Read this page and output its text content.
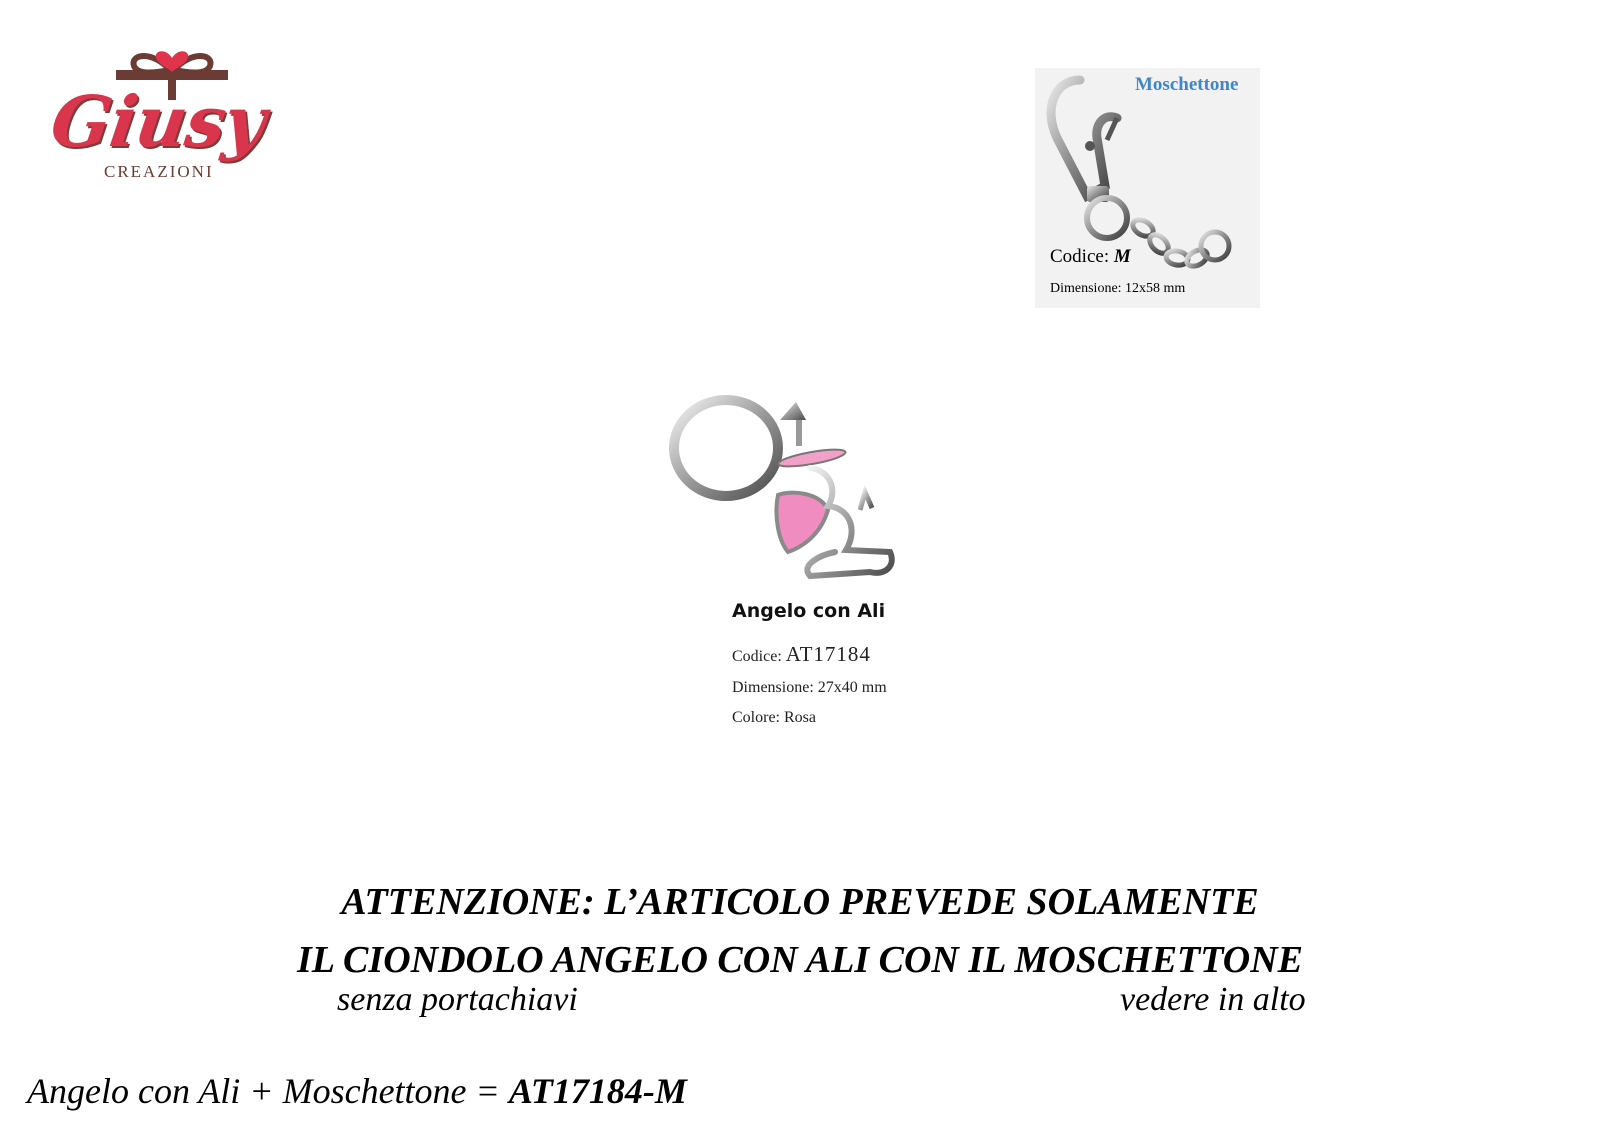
Giusy
CREAZIONI
Moschettone
Codice: M
Dimensione: 12x58 mm
Angelo con Ali
Codice: AT17184
Dimensione: 27x40 mm
Colore: Rosa
ATTENZIONE: L’ARTICOLO PREVEDE SOLAMENTE
IL CIONDOLO ANGELO CON ALI CON IL MOSCHETTONE
senza portachiavi	vedere in alto
Angelo con Ali + Moschettone = AT17184-M
